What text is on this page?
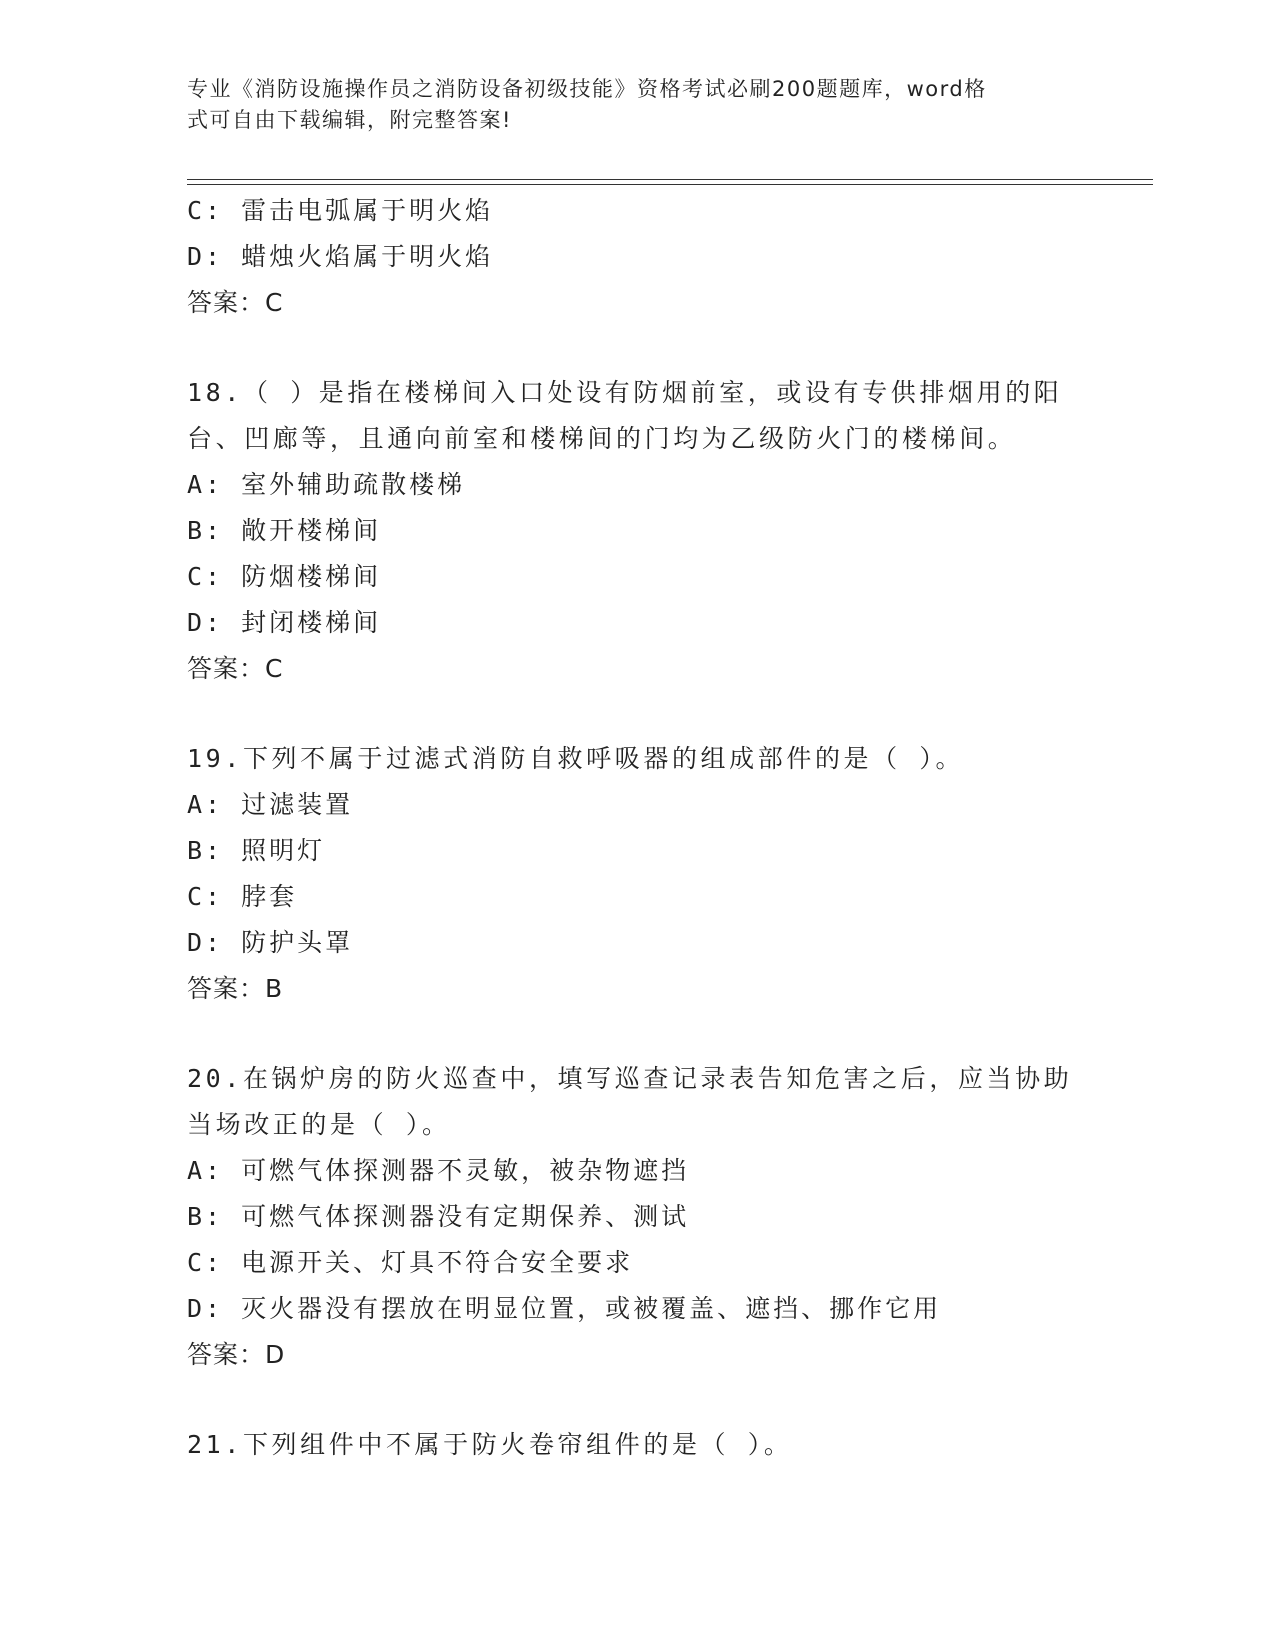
专业《消防设施操作员之消防设备初级技能》资格考试必刷200题题库，word格
式可自由下载编辑，附完整答案!
C: 雷击电弧属于明火焰
D: 蜡烛火焰属于明火焰
答案：C
18.（ ）是指在楼梯间入口处设有防烟前室，或设有专供排烟用的阳
台、凹廊等，且通向前室和楼梯间的门均为乙级防火门的楼梯间。
A: 室外辅助疏散楼梯
B: 敞开楼梯间
C: 防烟楼梯间
D: 封闭楼梯间
答案：C
19.下列不属于过滤式消防自救呼吸器的组成部件的是（ ）。
A: 过滤装置
B: 照明灯
C: 脖套
D: 防护头罩
答案：B
20.在锅炉房的防火巡查中，填写巡查记录表告知危害之后，应当协助
当场改正的是（ ）。
A: 可燃气体探测器不灵敏，被杂物遮挡
B: 可燃气体探测器没有定期保养、测试
C: 电源开关、灯具不符合安全要求
D: 灭火器没有摆放在明显位置，或被覆盖、遮挡、挪作它用
答案：D
21.下列组件中不属于防火卷帘组件的是（ ）。
